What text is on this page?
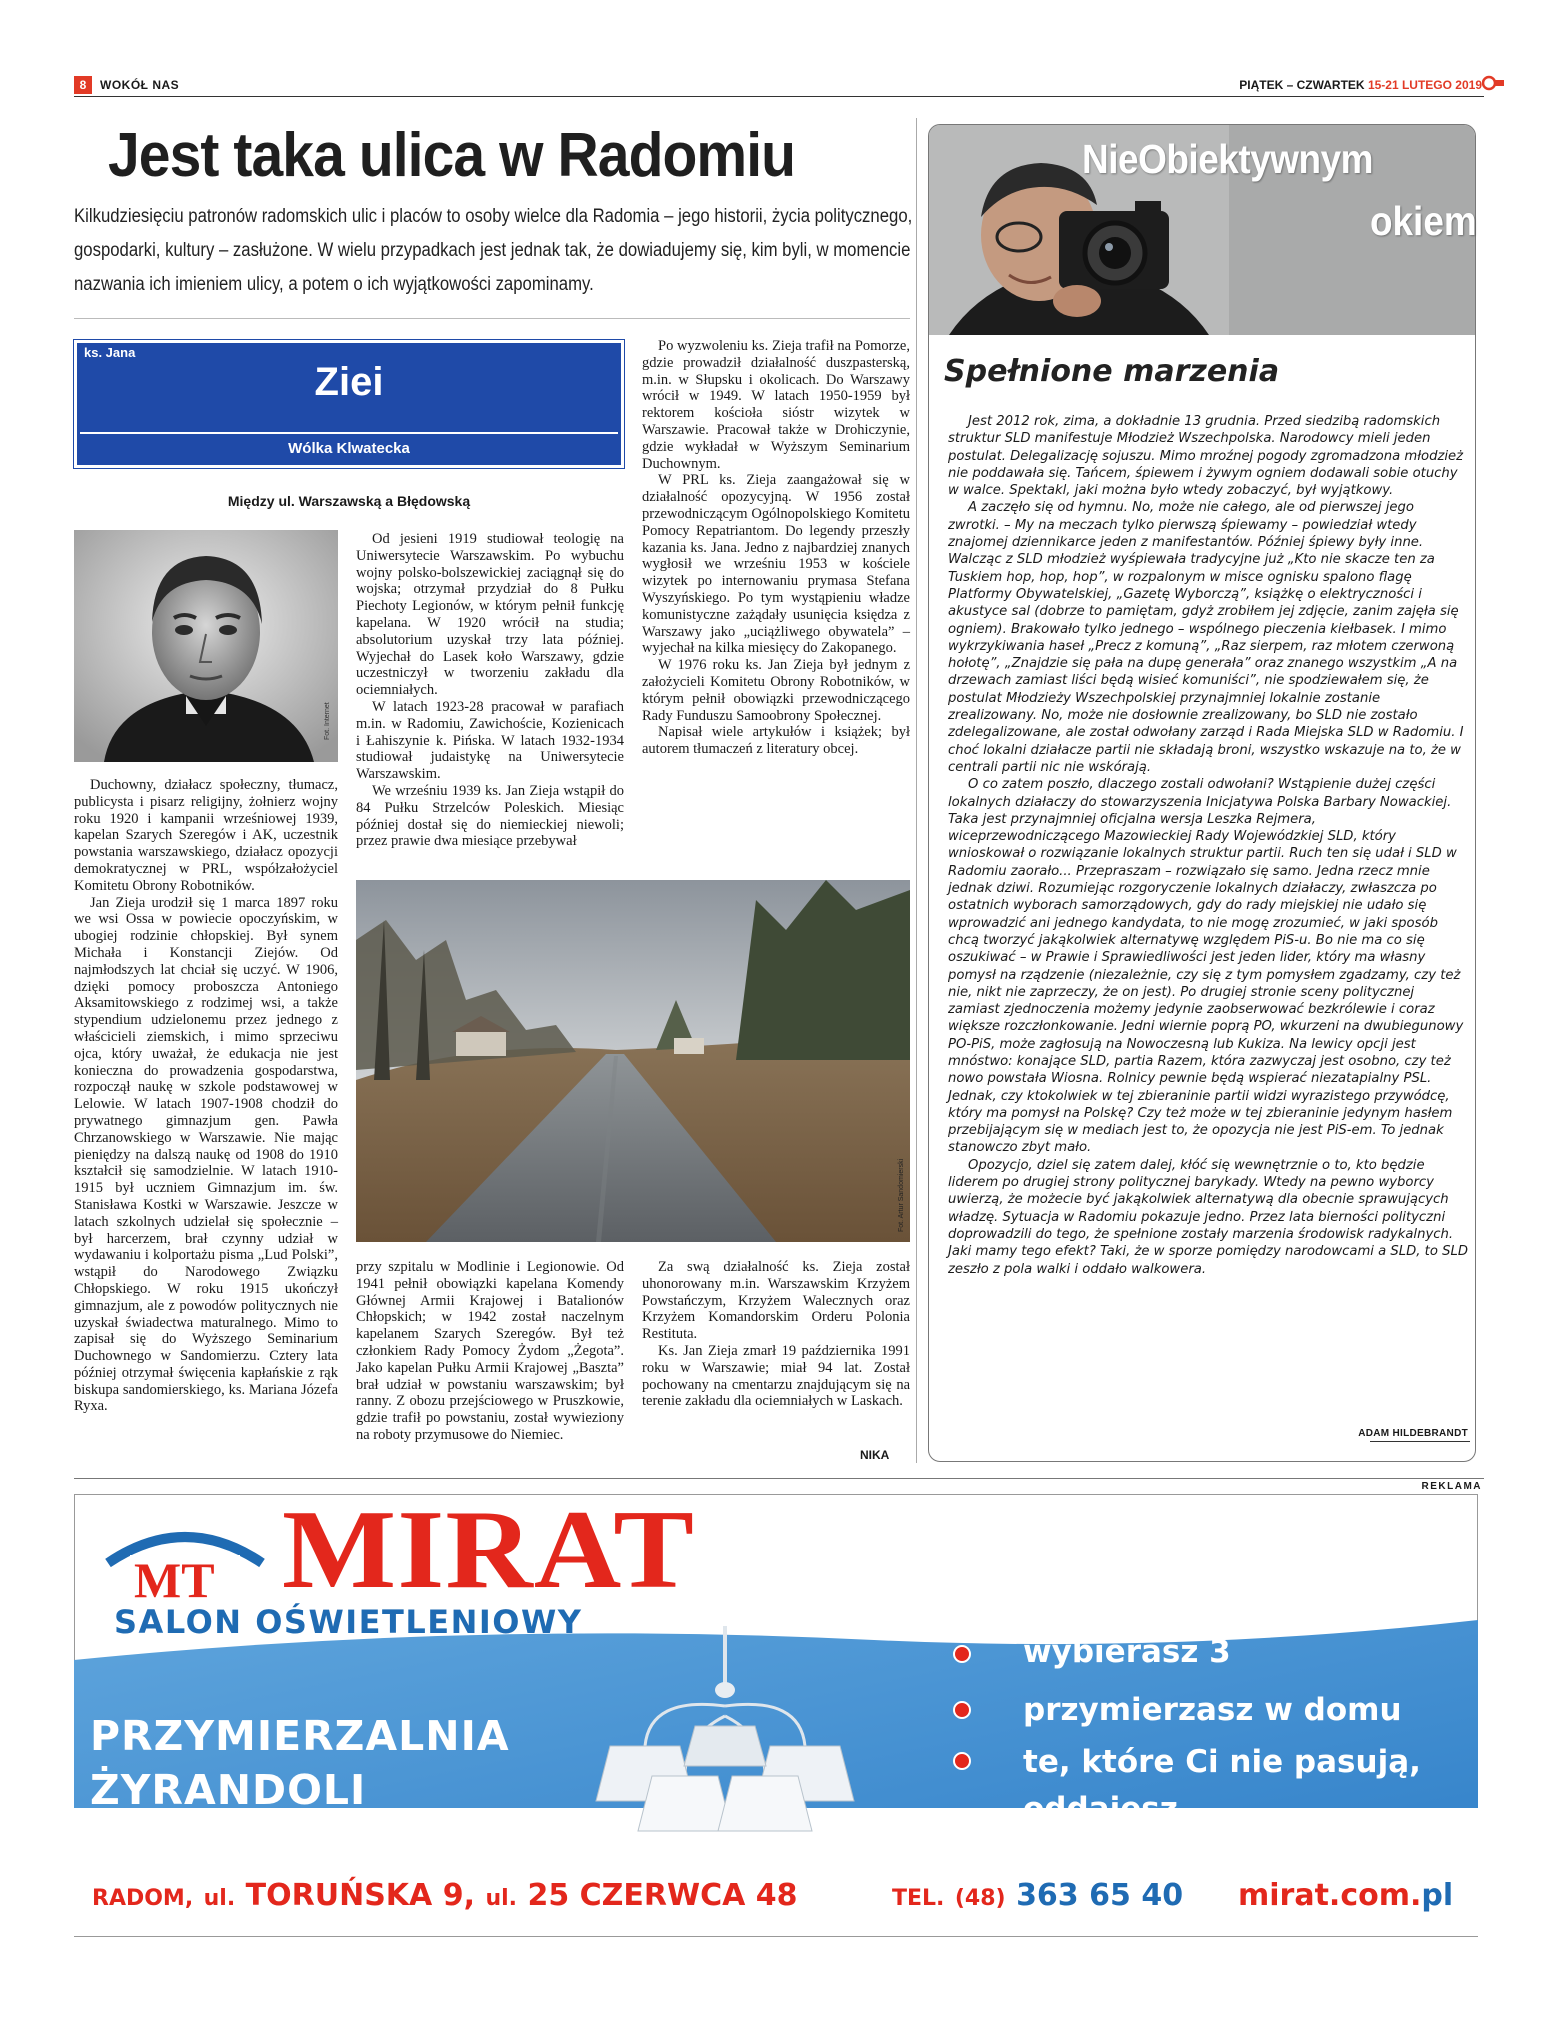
8	WOKÓŁ NAS	PIĄTEK – CZWARTEK 15-21 LUTEGO 2019
Jest taka ulica w Radomiu
Kilkudziesięciu patronów radomskich ulic i placów to osoby wielce dla Radomia – jego historii, życia politycznego, gospodarki, kultury – zasłużone. W wielu przypadkach jest jednak tak, że dowiadujemy się, kim byli, w momencie nazwania ich imieniem ulicy, a potem o ich wyjątkowości zapominamy.
ks. Jana
Ziei
Wólka Klwatecka
Między ul. Warszawską a Błędowską
Fot. Internet

Duchowny, działacz społeczny, tłumacz, publicysta i pisarz religijny, żołnierz wojny roku 1920 i kampanii wrześniowej 1939, kapelan Szarych Szeregów i AK, uczestnik powstania warszawskiego, działacz opozycji demokratycznej w PRL, współzałożyciel Komitetu Obrony Robotników.

Jan Zieja urodził się 1 marca 1897 roku we wsi Ossa w powiecie opoczyńskim, w ubogiej rodzinie chłopskiej. Był synem Michała i Konstancji Ziejów. Od najmłodszych lat chciał się uczyć. W 1906, dzięki pomocy proboszcza Antoniego Aksamitowskiego z rodzimej wsi, a także stypendium udzielonemu przez jednego z właścicieli ziemskich, i mimo sprzeciwu ojca, który uważał, że edukacja nie jest konieczna do prowadzenia gospodarstwa, rozpoczął naukę w szkole podstawowej w Lelowie. W latach 1907-1908 chodził do prywatnego gimnazjum gen. Pawła Chrzanowskiego w Warszawie. Nie mając pieniędzy na dalszą naukę od 1908 do 1910 kształcił się samodzielnie. W latach 1910-1915 był uczniem Gimnazjum im. św. Stanisława Kostki w Warszawie. Jeszcze w latach szkolnych udzielał się społecznie – był harcerzem, brał czynny udział w wydawaniu i kolportażu pisma „Lud Polski”, wstąpił do Narodowego Związku Chłopskiego. W roku 1915 ukończył gimnazjum, ale z powodów politycznych nie uzyskał świadectwa maturalnego. Mimo to zapisał się do Wyższego Seminarium Duchownego w Sandomierzu. Cztery lata później otrzymał święcenia kapłańskie z rąk biskupa sandomierskiego, ks. Mariana Józefa Ryxa.

Od jesieni 1919 studiował teologię na Uniwersytecie Warszawskim. Po wybuchu wojny polsko-bolszewickiej zaciągnął się do wojska; otrzymał przydział do 8 Pułku Piechoty Legionów, w którym pełnił funkcję kapelana. W 1920 wrócił na studia; absolutorium uzyskał trzy lata później. Wyjechał do Lasek koło Warszawy, gdzie uczestniczył w tworzeniu zakładu dla ociemniałych.

W latach 1923-28 pracował w parafiach m.in. w Radomiu, Zawichoście, Kozienicach i Łahiszynie k. Pińska. W latach 1932-1934 studiował judaistykę na Uniwersytecie Warszawskim.

We wrześniu 1939 ks. Jan Zieja wstąpił do 84 Pułku Strzelców Poleskich. Miesiąc później dostał się do niemieckiej niewoli; przez prawie dwa miesiące przebywał

Po wyzwoleniu ks. Zieja trafił na Pomorze, gdzie prowadził działalność duszpasterską, m.in. w Słupsku i okolicach. Do Warszawy wrócił w 1949. W latach 1950-1959 był rektorem kościoła sióstr wizytek w Warszawie. Pracował także w Drohiczynie, gdzie wykładał w Wyższym Seminarium Duchownym.

W PRL ks. Zieja zaangażował się w działalność opozycyjną. W 1956 został przewodniczącym Ogólnopolskiego Komitetu Pomocy Repatriantom. Do legendy przeszły kazania ks. Jana. Jedno z najbardziej znanych wygłosił we wrześniu 1953 w kościele wizytek po internowaniu prymasa Stefana Wyszyńskiego. Po tym wystąpieniu władze komunistyczne zażądały usunięcia księdza z Warszawy jako „uciążliwego obywatela” – wyjechał na kilka miesięcy do Zakopanego.

W 1976 roku ks. Jan Zieja był jednym z założycieli Komitetu Obrony Robotników, w którym pełnił obowiązki przewodniczącego Rady Funduszu Samoobrony Społecznej.

Napisał wiele artykułów i książek; był autorem tłumaczeń z literatury obcej.

Fot. Artur Sandomierski

przy szpitalu w Modlinie i Legionowie. Od 1941 pełnił obowiązki kapelana Komendy Głównej Armii Krajowej i Batalionów Chłopskich; w 1942 został naczelnym kapelanem Szarych Szeregów. Był też członkiem Rady Pomocy Żydom „Żegota”. Jako kapelan Pułku Armii Krajowej „Baszta” brał udział w powstaniu warszawskim; był ranny. Z obozu przejściowego w Pruszkowie, gdzie trafił po powstaniu, został wywieziony na roboty przymusowe do Niemiec.

Za swą działalność ks. Zieja został uhonorowany m.in. Warszawskim Krzyżem Powstańczym, Krzyżem Walecznych oraz Krzyżem Komandorskim Orderu Polonia Restituta.

Ks. Jan Zieja zmarł 19 października 1991 roku w Warszawie; miał 94 lat. Został pochowany na cmentarzu znajdującym się na terenie zakładu dla ociemniałych w Laskach.

NIKA
NieObiektywnym
okiem
Spełnione marzenia

Jest 2012 rok, zima, a dokładnie 13 grudnia. Przed siedzibą radomskich struktur SLD manifestuje Młodzież Wszechpolska. Narodowcy mieli jeden postulat. Delegalizację sojuszu. Mimo mroźnej pogody zgromadzona młodzież nie poddawała się. Tańcem, śpiewem i żywym ogniem dodawali sobie otuchy w walce. Spektakl, jaki można było wtedy zobaczyć, był wyjątkowy.

A zaczęło się od hymnu. No, może nie całego, ale od pierwszej jego zwrotki. – My na meczach tylko pierwszą śpiewamy – powiedział wtedy znajomej dziennikarce jeden z manifestantów. Później śpiewy były inne. Walcząc z SLD młodzież wyśpiewała tradycyjne już „Kto nie skacze ten za Tuskiem hop, hop, hop”, w rozpalonym w misce ognisku spalono flagę Platformy Obywatelskiej, „Gazetę Wyborczą”, książkę o elektryczności i akustyce sal (dobrze to pamiętam, gdyż zrobiłem jej zdjęcie, zanim zajęła się ogniem). Brakowało tylko jednego – wspólnego pieczenia kiełbasek. I mimo wykrzykiwania haseł „Precz z komuną”, „Raz sierpem, raz młotem czerwoną hołotę”, „Znajdzie się pała na dupę generała” oraz znanego wszystkim „A na drzewach zamiast liści będą wisieć komuniści”, nie spodziewałem się, że postulat Młodzieży Wszechpolskiej przynajmniej lokalnie zostanie zrealizowany. No, może nie dosłownie zrealizowany, bo SLD nie zostało zdelegalizowane, ale został odwołany zarząd i Rada Miejska SLD w Radomiu. I choć lokalni działacze partii nie składają broni, wszystko wskazuje na to, że w centrali partii nic nie wskórają.

O co zatem poszło, dlaczego zostali odwołani? Wstąpienie dużej części lokalnych działaczy do stowarzyszenia Inicjatywa Polska Barbary Nowackiej. Taka jest przynajmniej oficjalna wersja Leszka Rejmera, wiceprzewodniczącego Mazowieckiej Rady Wojewódzkiej SLD, który wnioskował o rozwiązanie lokalnych struktur partii. Ruch ten się udał i SLD w Radomiu zaorało... Przepraszam – rozwiązało się samo. Jedna rzecz mnie jednak dziwi. Rozumiejąc rozgoryczenie lokalnych działaczy, zwłaszcza po ostatnich wyborach samorządowych, gdy do rady miejskiej nie udało się wprowadzić ani jednego kandydata, to nie mogę zrozumieć, w jaki sposób chcą tworzyć jakąkolwiek alternatywę względem PiS-u. Bo nie ma co się oszukiwać – w Prawie i Sprawiedliwości jest jeden lider, który ma własny pomysł na rządzenie (niezależnie, czy się z tym pomysłem zgadzamy, czy też nie, nikt nie zaprzeczy, że on jest). Po drugiej stronie sceny politycznej zamiast zjednoczenia możemy jedynie zaobserwować bezkrólewie i coraz większe rozczłonkowanie. Jedni wiernie poprą PO, wkurzeni na dwubiegunowy PO-PiS, może zagłosują na Nowoczesną lub Kukiza. Na lewicy opcji jest mnóstwo: konające SLD, partia Razem, która zazwyczaj jest osobno, czy też nowo powstała Wiosna. Rolnicy pewnie będą wspierać niezatapialny PSL. Jednak, czy ktokolwiek w tej zbieraninie partii widzi wyrazistego przywódcę, który ma pomysł na Polskę? Czy też może w tej zbieraninie jedynym hasłem przebijającym się w mediach jest to, że opozycja nie jest PiS-em. To jednak stanowczo zbyt mało.

Opozycjo, dziel się zatem dalej, kłóć się wewnętrznie o to, kto będzie liderem po drugiej strony politycznej barykady. Wtedy na pewno wyborcy uwierzą, że możecie być jakąkolwiek alternatywą dla obecnie sprawujących władzę. Sytuacja w Radomiu pokazuje jedno. Przez lata bierności polityczni doprowadzili do tego, że spełnione zostały marzenia środowisk radykalnych. Jaki mamy tego efekt? Taki, że w sporze pomiędzy narodowcami a SLD, to SLD zeszło z pola walki i oddało walkowera.

ADAM HILDEBRANDT
REKLAMA
MT MIRAT
SALON OŚWIETLENIOWY
PRZYMIERZALNIA
ŻYRANDOLI
wybierasz 3
przymierzasz w domu
te, które Ci nie pasują,
oddajesz
RADOM, ul. TORUŃSKA 9, ul. 25 CZERWCA 48	TEL. (48) 363 65 40 mirat.com.pl
